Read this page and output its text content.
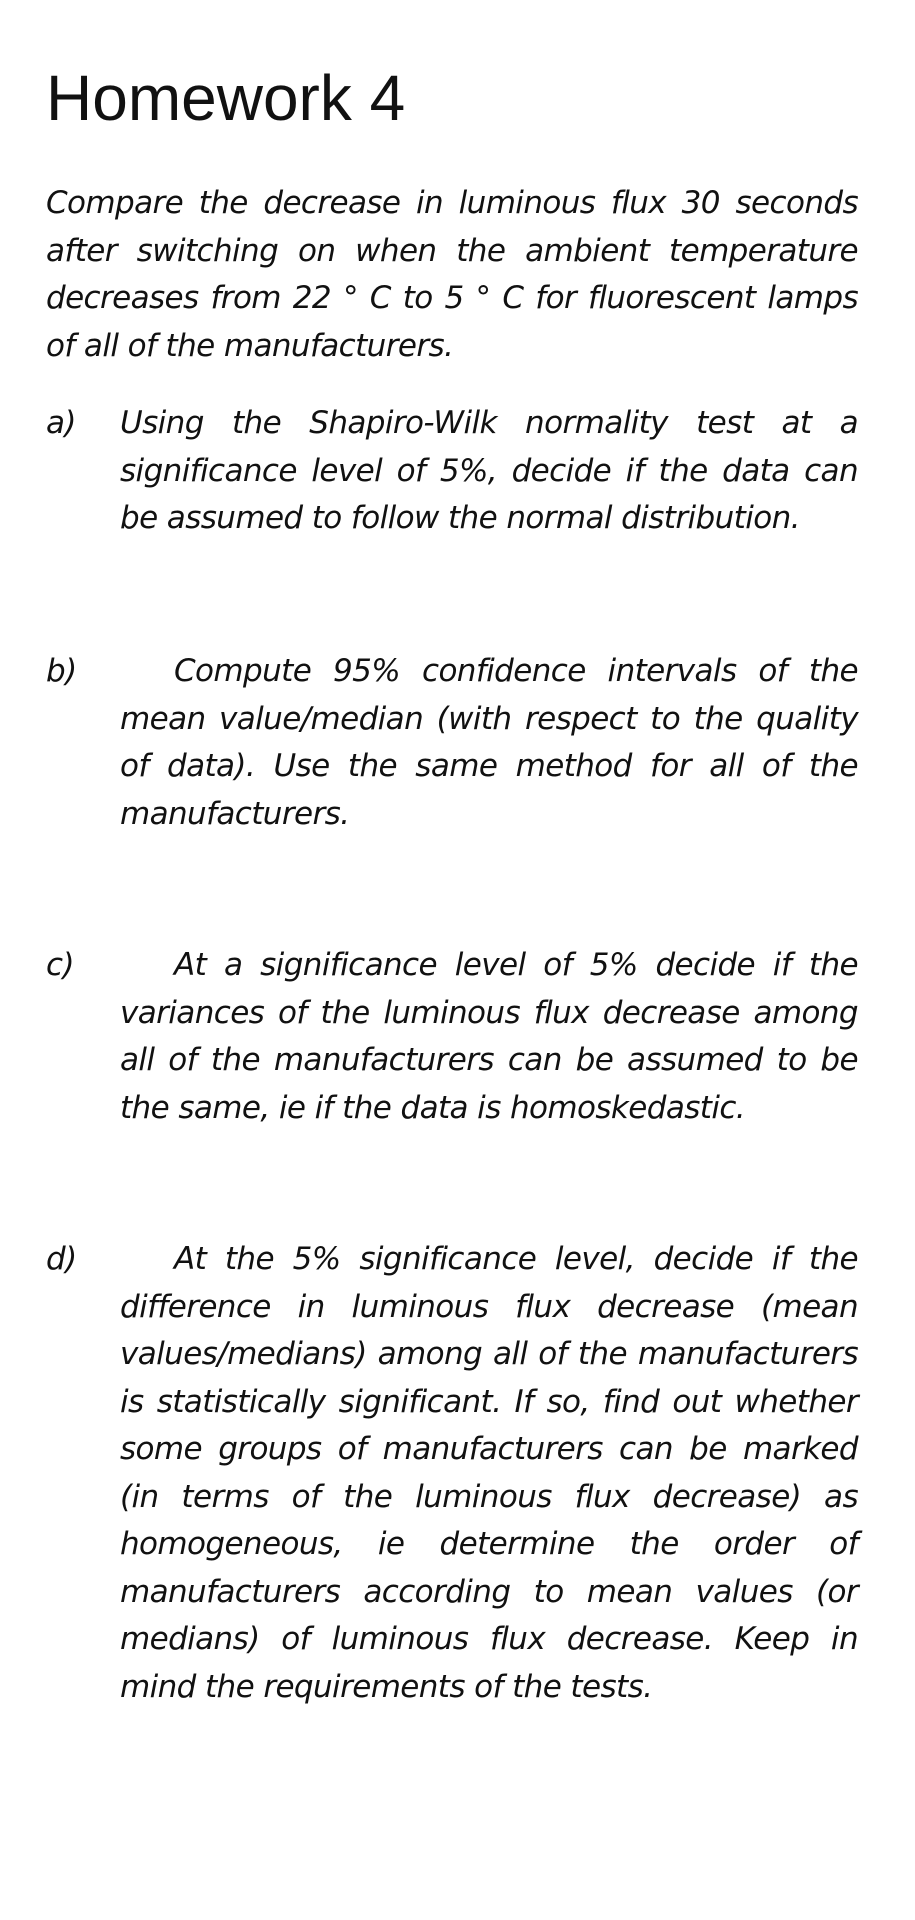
Homework 4

Compare the decrease in luminous flux 30 seconds after switching on when the ambient temperature decreases from 22 ° C to 5 ° C for fluorescent lamps of all of the manufacturers.

a) Using the Shapiro-Wilk normality test at a significance level of 5%, decide if the data can be assumed to follow the normal distribution.

b)	Compute 95% confidence intervals of the mean value/median (with respect to the quality of data). Use the same method for all of the manufacturers.

c)	At a significance level of 5% decide if the variances of the luminous flux decrease among all of the manufacturers can be assumed to be the same, ie if the data is homoskedastic.

d)	At the 5% significance level, decide if the difference in luminous flux decrease (mean values/medians) among all of the manufacturers is statistically significant. If so, find out whether some groups of manufacturers can be marked (in terms of the luminous flux decrease) as homogeneous, ie determine the order of manufacturers according to mean values (or medians) of luminous flux decrease. Keep in mind the requirements of the tests.
